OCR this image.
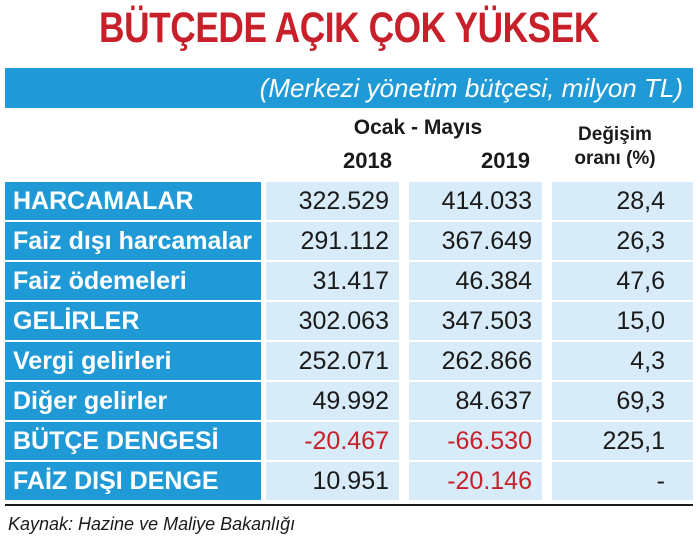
BÜTÇEDE AÇIK ÇOK YÜKSEK
(Merkezi yönetim bütçesi, milyon TL)
Ocak - Mayıs
2018	2019
Değişim
oranı (%)
HARCAMALAR	322.529	414.033	28,4
Faiz dışı harcamalar	291.112	367.649	26,3
Faiz ödemeleri	31.417	46.384	47,6
GELİRLER	302.063	347.503	15,0
Vergi gelirleri	252.071	262.866	4,3
Diğer gelirler	49.992	84.637	69,3
BÜTÇE DENGESİ	-20.467	-66.530	225,1
FAİZ DIŞI DENGE	10.951	-20.146	-
Kaynak: Hazine ve Maliye Bakanlığı
